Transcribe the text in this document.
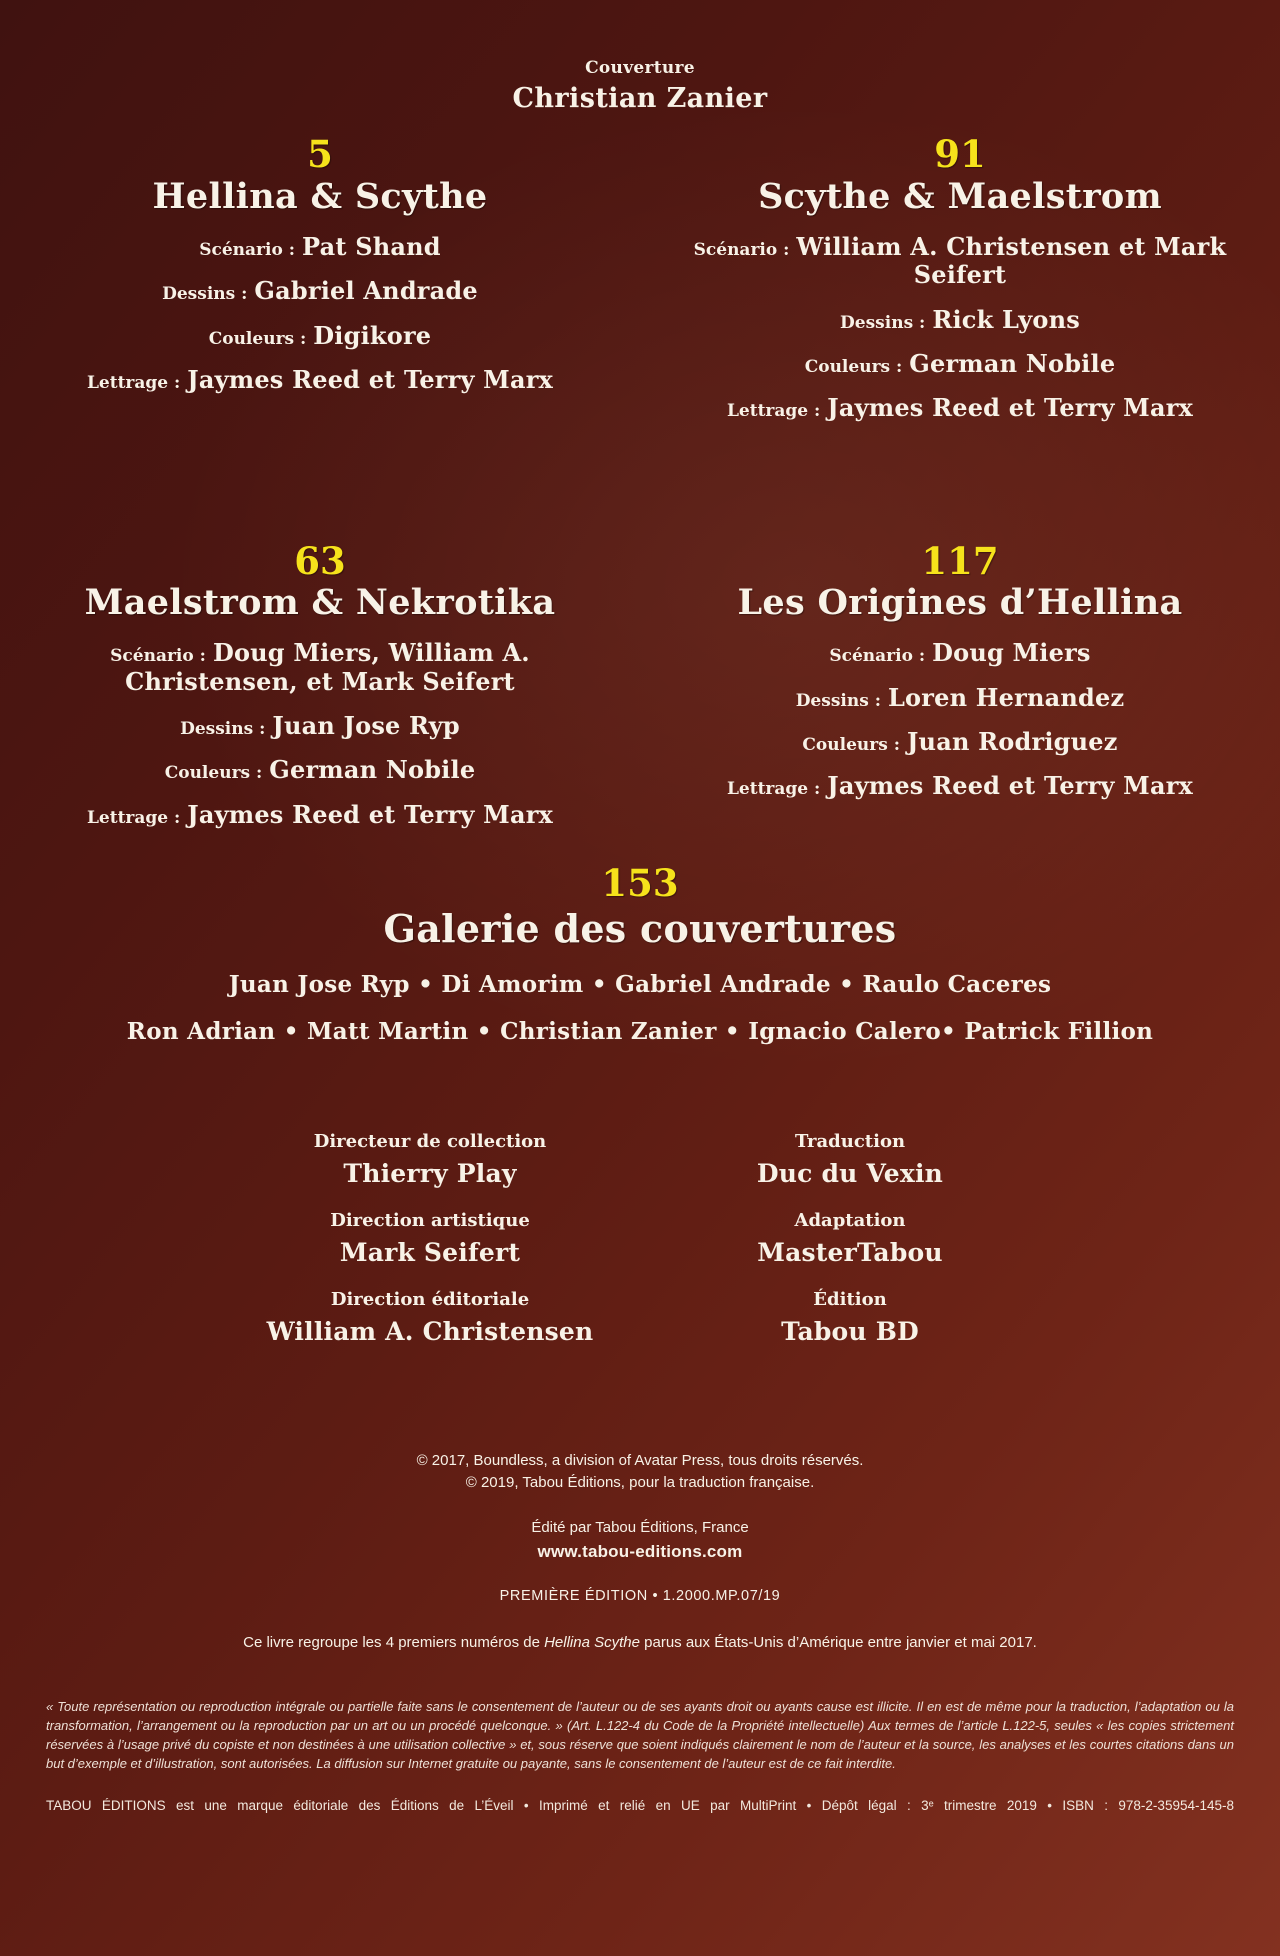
Couverture
Christian Zanier
5
Hellina & Scythe
Scénario : Pat Shand
Dessins : Gabriel Andrade
Couleurs : Digikore
Lettrage : Jaymes Reed et Terry Marx
91
Scythe & Maelstrom
Scénario : William A. Christensen et Mark Seifert
Dessins : Rick Lyons
Couleurs : German Nobile
Lettrage : Jaymes Reed et Terry Marx
63
Maelstrom & Nekrotika
Scénario : Doug Miers, William A. Christensen, et Mark Seifert
Dessins : Juan Jose Ryp
Couleurs : German Nobile
Lettrage : Jaymes Reed et Terry Marx
117
Les Origines d’Hellina
Scénario : Doug Miers
Dessins : Loren Hernandez
Couleurs : Juan Rodriguez
Lettrage : Jaymes Reed et Terry Marx
153
Galerie des couvertures
Juan Jose Ryp • Di Amorim • Gabriel Andrade • Raulo Caceres
Ron Adrian • Matt Martin • Christian Zanier • Ignacio Calero• Patrick Fillion
Directeur de collection
Thierry Play
Traduction
Duc du Vexin
Direction artistique
Mark Seifert
Adaptation
MasterTabou
Direction éditoriale
William A. Christensen
Édition
Tabou BD
© 2017, Boundless, a division of Avatar Press, tous droits réservés.
© 2019, Tabou Éditions, pour la traduction française.
Édité par Tabou Éditions, France
www.tabou-editions.com
PREMIÈRE ÉDITION • 1.2000.MP.07/19
Ce livre regroupe les 4 premiers numéros de Hellina Scythe parus aux États-Unis d’Amérique entre janvier et mai 2017.

« Toute représentation ou reproduction intégrale ou partielle faite sans le consentement de l’auteur ou de ses ayants droit ou ayants cause est illicite. Il en est de même pour la traduction, l’adaptation ou la transformation, l’arrangement ou la reproduction par un art ou un procédé quelconque. » (Art. L.122-4 du Code de la Propriété intellectuelle) Aux termes de l’article L.122-5, seules « les copies strictement réservées à l’usage privé du copiste et non destinées à une utilisation collective » et, sous réserve que soient indiqués clairement le nom de l’auteur et la source, les analyses et les courtes citations dans un but d’exemple et d’illustration, sont autorisées. La diffusion sur Internet gratuite ou payante, sans le consentement de l’auteur est de ce fait interdite.

TABOU ÉDITIONS est une marque éditoriale des Éditions de L’Éveil • Imprimé et relié en UE par MultiPrint • Dépôt légal : 3ᵉ trimestre 2019 • ISBN : 978-2-35954-145-8
